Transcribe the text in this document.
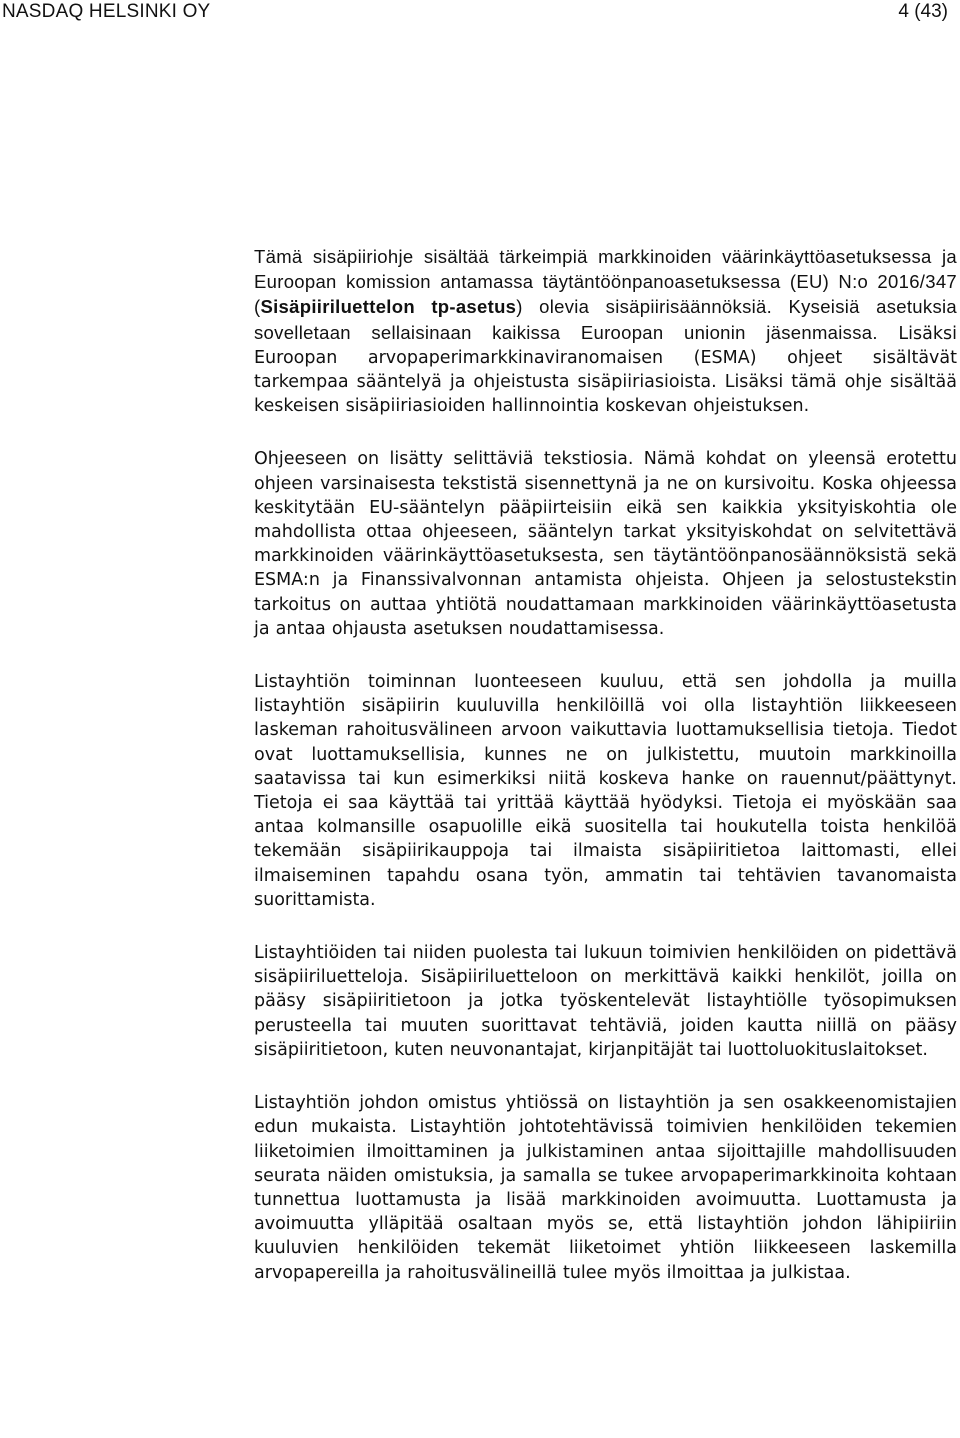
NASDAQ HELSINKI OY	4 (43)

Tämä sisäpiiriohje sisältää tärkeimpiä markkinoiden väärinkäyttöasetuksessa ja Euroopan komission antamassa täytäntöönpanoasetuksessa (EU) N:o 2016/347 (Sisäpiiriluettelon tp-asetus) olevia sisäpiirisäännöksiä. Kyseisiä asetuksia sovelletaan sellaisinaan kaikissa Euroopan unionin jäsenmaissa. Lisäksi Euroopan arvopaperimarkkinaviranomaisen (ESMA) ohjeet sisältävät tarkempaa sääntelyä ja ohjeistusta sisäpiiriasioista. Lisäksi tämä ohje sisältää keskeisen sisäpiiriasioiden hallinnointia koskevan ohjeistuksen.

Ohjeeseen on lisätty selittäviä tekstiosia. Nämä kohdat on yleensä erotettu ohjeen varsinaisesta tekstistä sisennettynä ja ne on kursivoitu. Koska ohjeessa keskitytään EU-sääntelyn pääpiirteisiin eikä sen kaikkia yksityiskohtia ole mahdollista ottaa ohjeeseen, sääntelyn tarkat yksityiskohdat on selvitettävä markkinoiden väärinkäyttöasetuksesta, sen täytäntöönpanosäännöksistä sekä ESMA:n ja Finanssivalvonnan antamista ohjeista. Ohjeen ja selostustekstin tarkoitus on auttaa yhtiötä noudattamaan markkinoiden väärinkäyttöasetusta ja antaa ohjausta asetuksen noudattamisessa.

Listayhtiön toiminnan luonteeseen kuuluu, että sen johdolla ja muilla listayhtiön sisäpiirin kuuluvilla henkilöillä voi olla listayhtiön liikkeeseen laskeman rahoitusvälineen arvoon vaikuttavia luottamuksellisia tietoja. Tiedot ovat luottamuksellisia, kunnes ne on julkistettu, muutoin markkinoilla saatavissa tai kun esimerkiksi niitä koskeva hanke on rauennut/päättynyt. Tietoja ei saa käyttää tai yrittää käyttää hyödyksi. Tietoja ei myöskään saa antaa kolmansille osapuolille eikä suositella tai houkutella toista henkilöä tekemään sisäpiirikauppoja tai ilmaista sisäpiiritietoa laittomasti, ellei ilmaiseminen tapahdu osana työn, ammatin tai tehtävien tavanomaista suorittamista.

Listayhtiöiden tai niiden puolesta tai lukuun toimivien henkilöiden on pidettävä sisäpiiriluetteloja. Sisäpiiriluetteloon on merkittävä kaikki henkilöt, joilla on pääsy sisäpiiritietoon ja jotka työskentelevät listayhtiölle työsopimuksen perusteella tai muuten suorittavat tehtäviä, joiden kautta niillä on pääsy sisäpiiritietoon, kuten neuvonantajat, kirjanpitäjät tai luottoluokituslaitokset.

Listayhtiön johdon omistus yhtiössä on listayhtiön ja sen osakkeenomistajien edun mukaista. Listayhtiön johtotehtävissä toimivien henkilöiden tekemien liiketoimien ilmoittaminen ja julkistaminen antaa sijoittajille mahdollisuuden seurata näiden omistuksia, ja samalla se tukee arvopaperimarkkinoita kohtaan tunnettua luottamusta ja lisää markkinoiden avoimuutta. Luottamusta ja avoimuutta ylläpitää osaltaan myös se, että listayhtiön johdon lähipiiriin kuuluvien henkilöiden tekemät liiketoimet yhtiön liikkeeseen laskemilla arvopapereilla ja rahoitusvälineillä tulee myös ilmoittaa ja julkistaa.
